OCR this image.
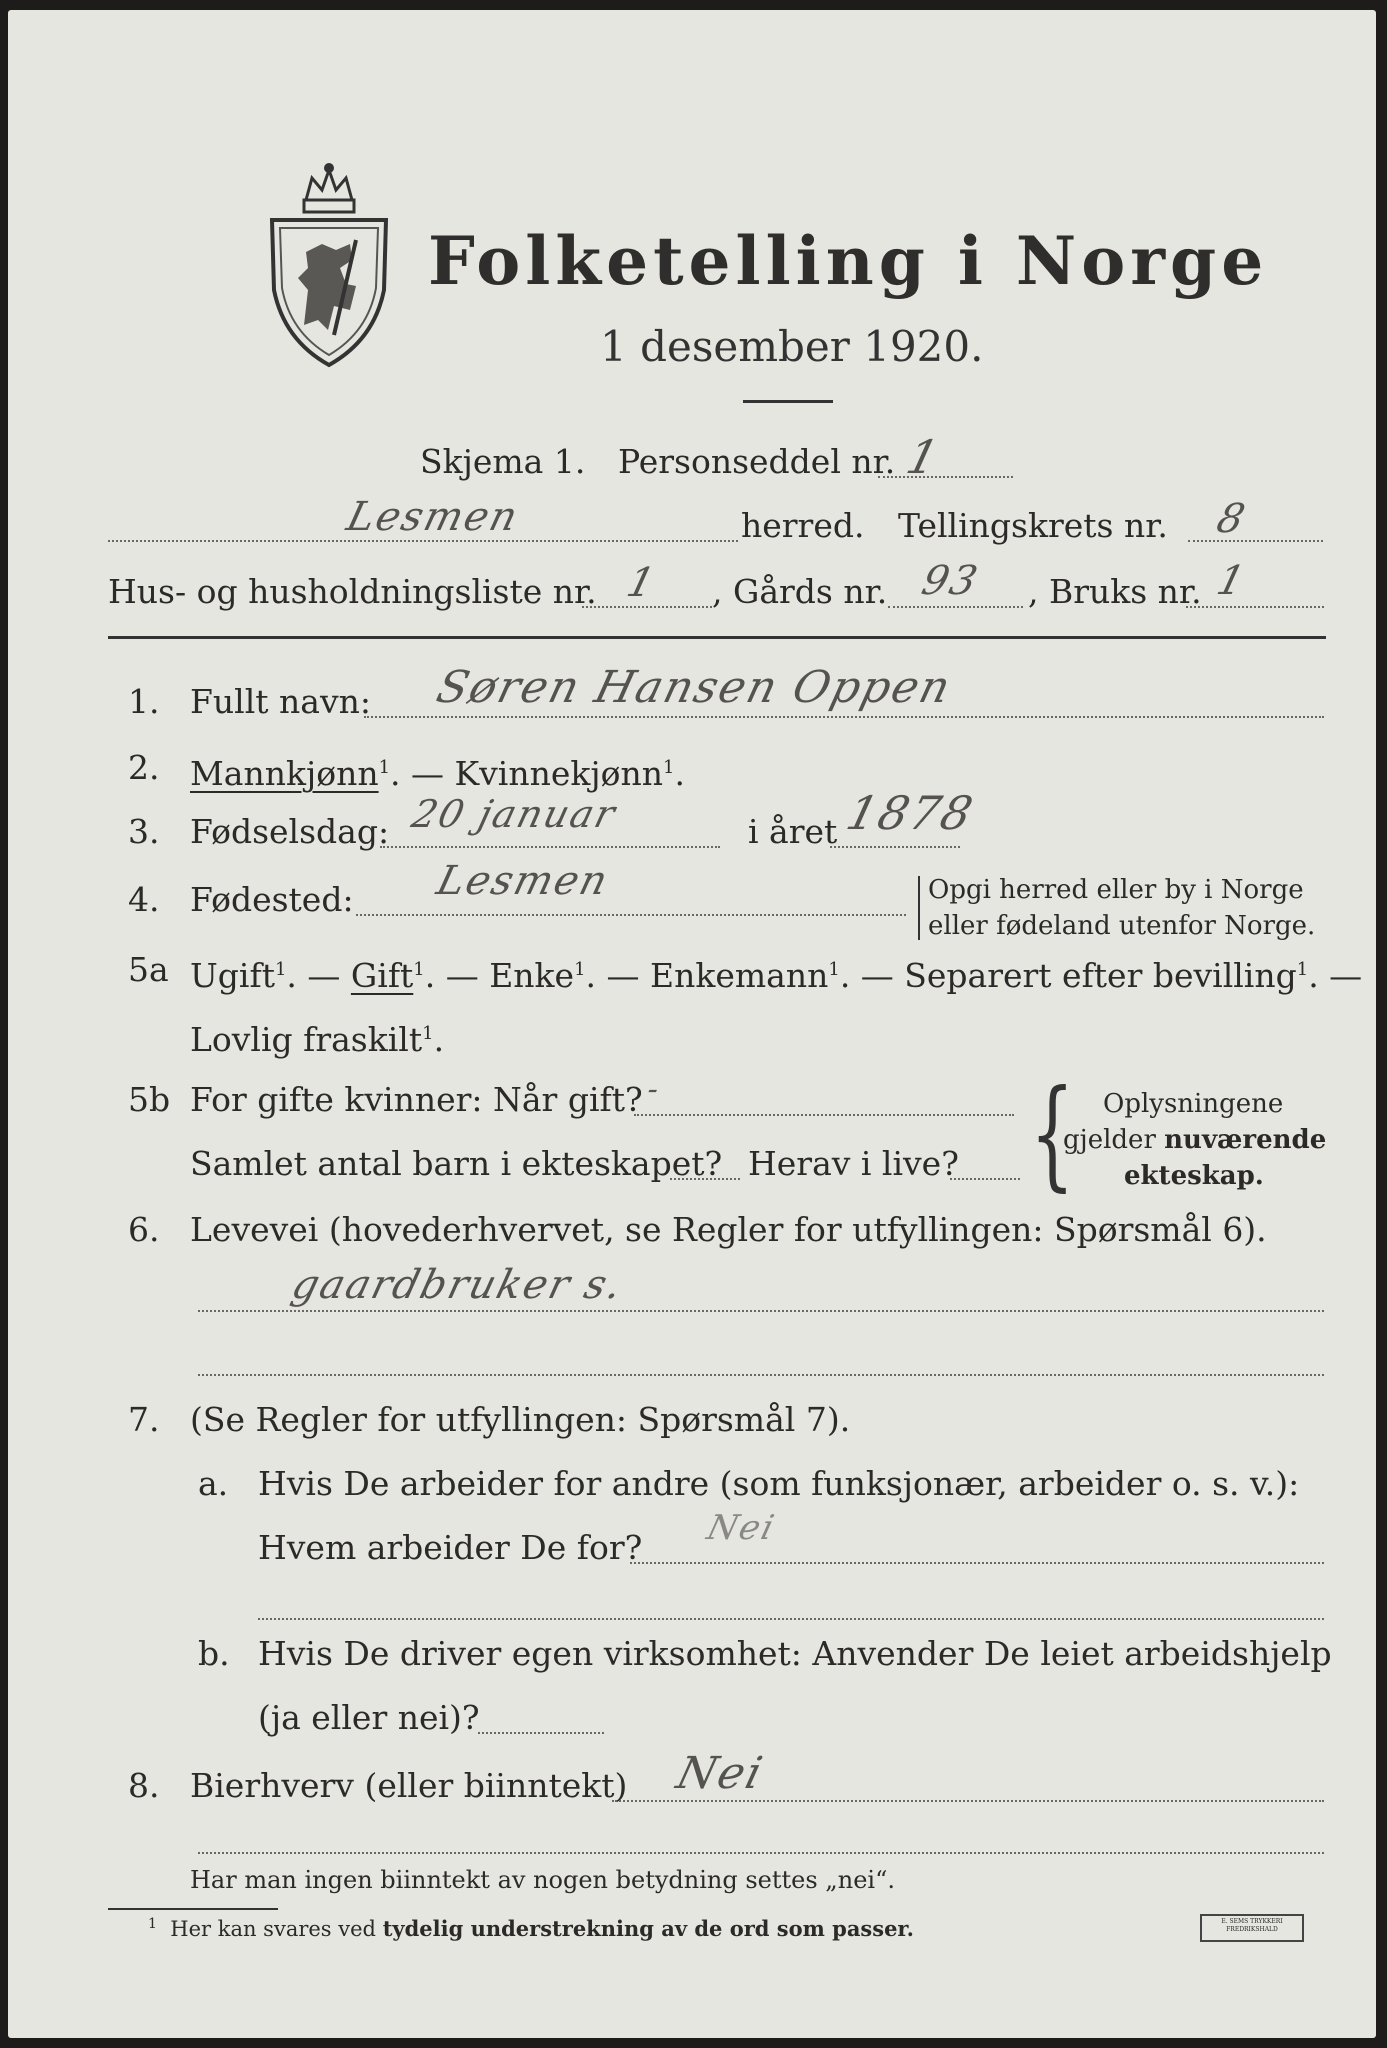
Folketelling i Norge
1 desember 1920.
Skjema 1. Personseddel nr. 1
Lesmen	herred. Tellingskrets nr. 8
Hus- og husholdningsliste nr. 1 , Gårds nr. 93 , Bruks nr. 1
1. Fullt navn: Søren Hansen Oppen
2. Mannkjønn$^1$. — Kvinnekjønn$^1$.
3. Fødselsdag: 20 januar	i året 1878
4. Fødested: Lesmen	Opgi herred eller by i Norge
eller fødeland utenfor Norge.
5a Ugift$^1$. — Gift$^1$. — Enke$^1$. — Enkemann$^1$. — Separert efter bevilling$^1$. —
Lovlig fraskilt$^1$.
5b For gifte kvinner: Når gift? -
Samlet antal barn i ekteskapet? Herav i live? { Oplysningene
gjelder nuværende
ekteskap.
6. Levevei (hovederhvervet, se Regler for utfyllingen: Spørsmål 6).
gaardbruker s.
7. (Se Regler for utfyllingen: Spørsmål 7).
a. Hvis De arbeider for andre (som funksjonær, arbeider o. s. v.):
Hvem arbeider De for? Nei
b. Hvis De driver egen virksomhet: Anvender De leiet arbeidshjelp
(ja eller nei)?
8. Bierhverv (eller biinntekt) Nei
Har man ingen biinntekt av nogen betydning settes „nei“.
$^1$ Her kan svares ved tydelig understrekning av de ord som passer.	E. SEMS TRYKKERI FREDRIKSHALD
